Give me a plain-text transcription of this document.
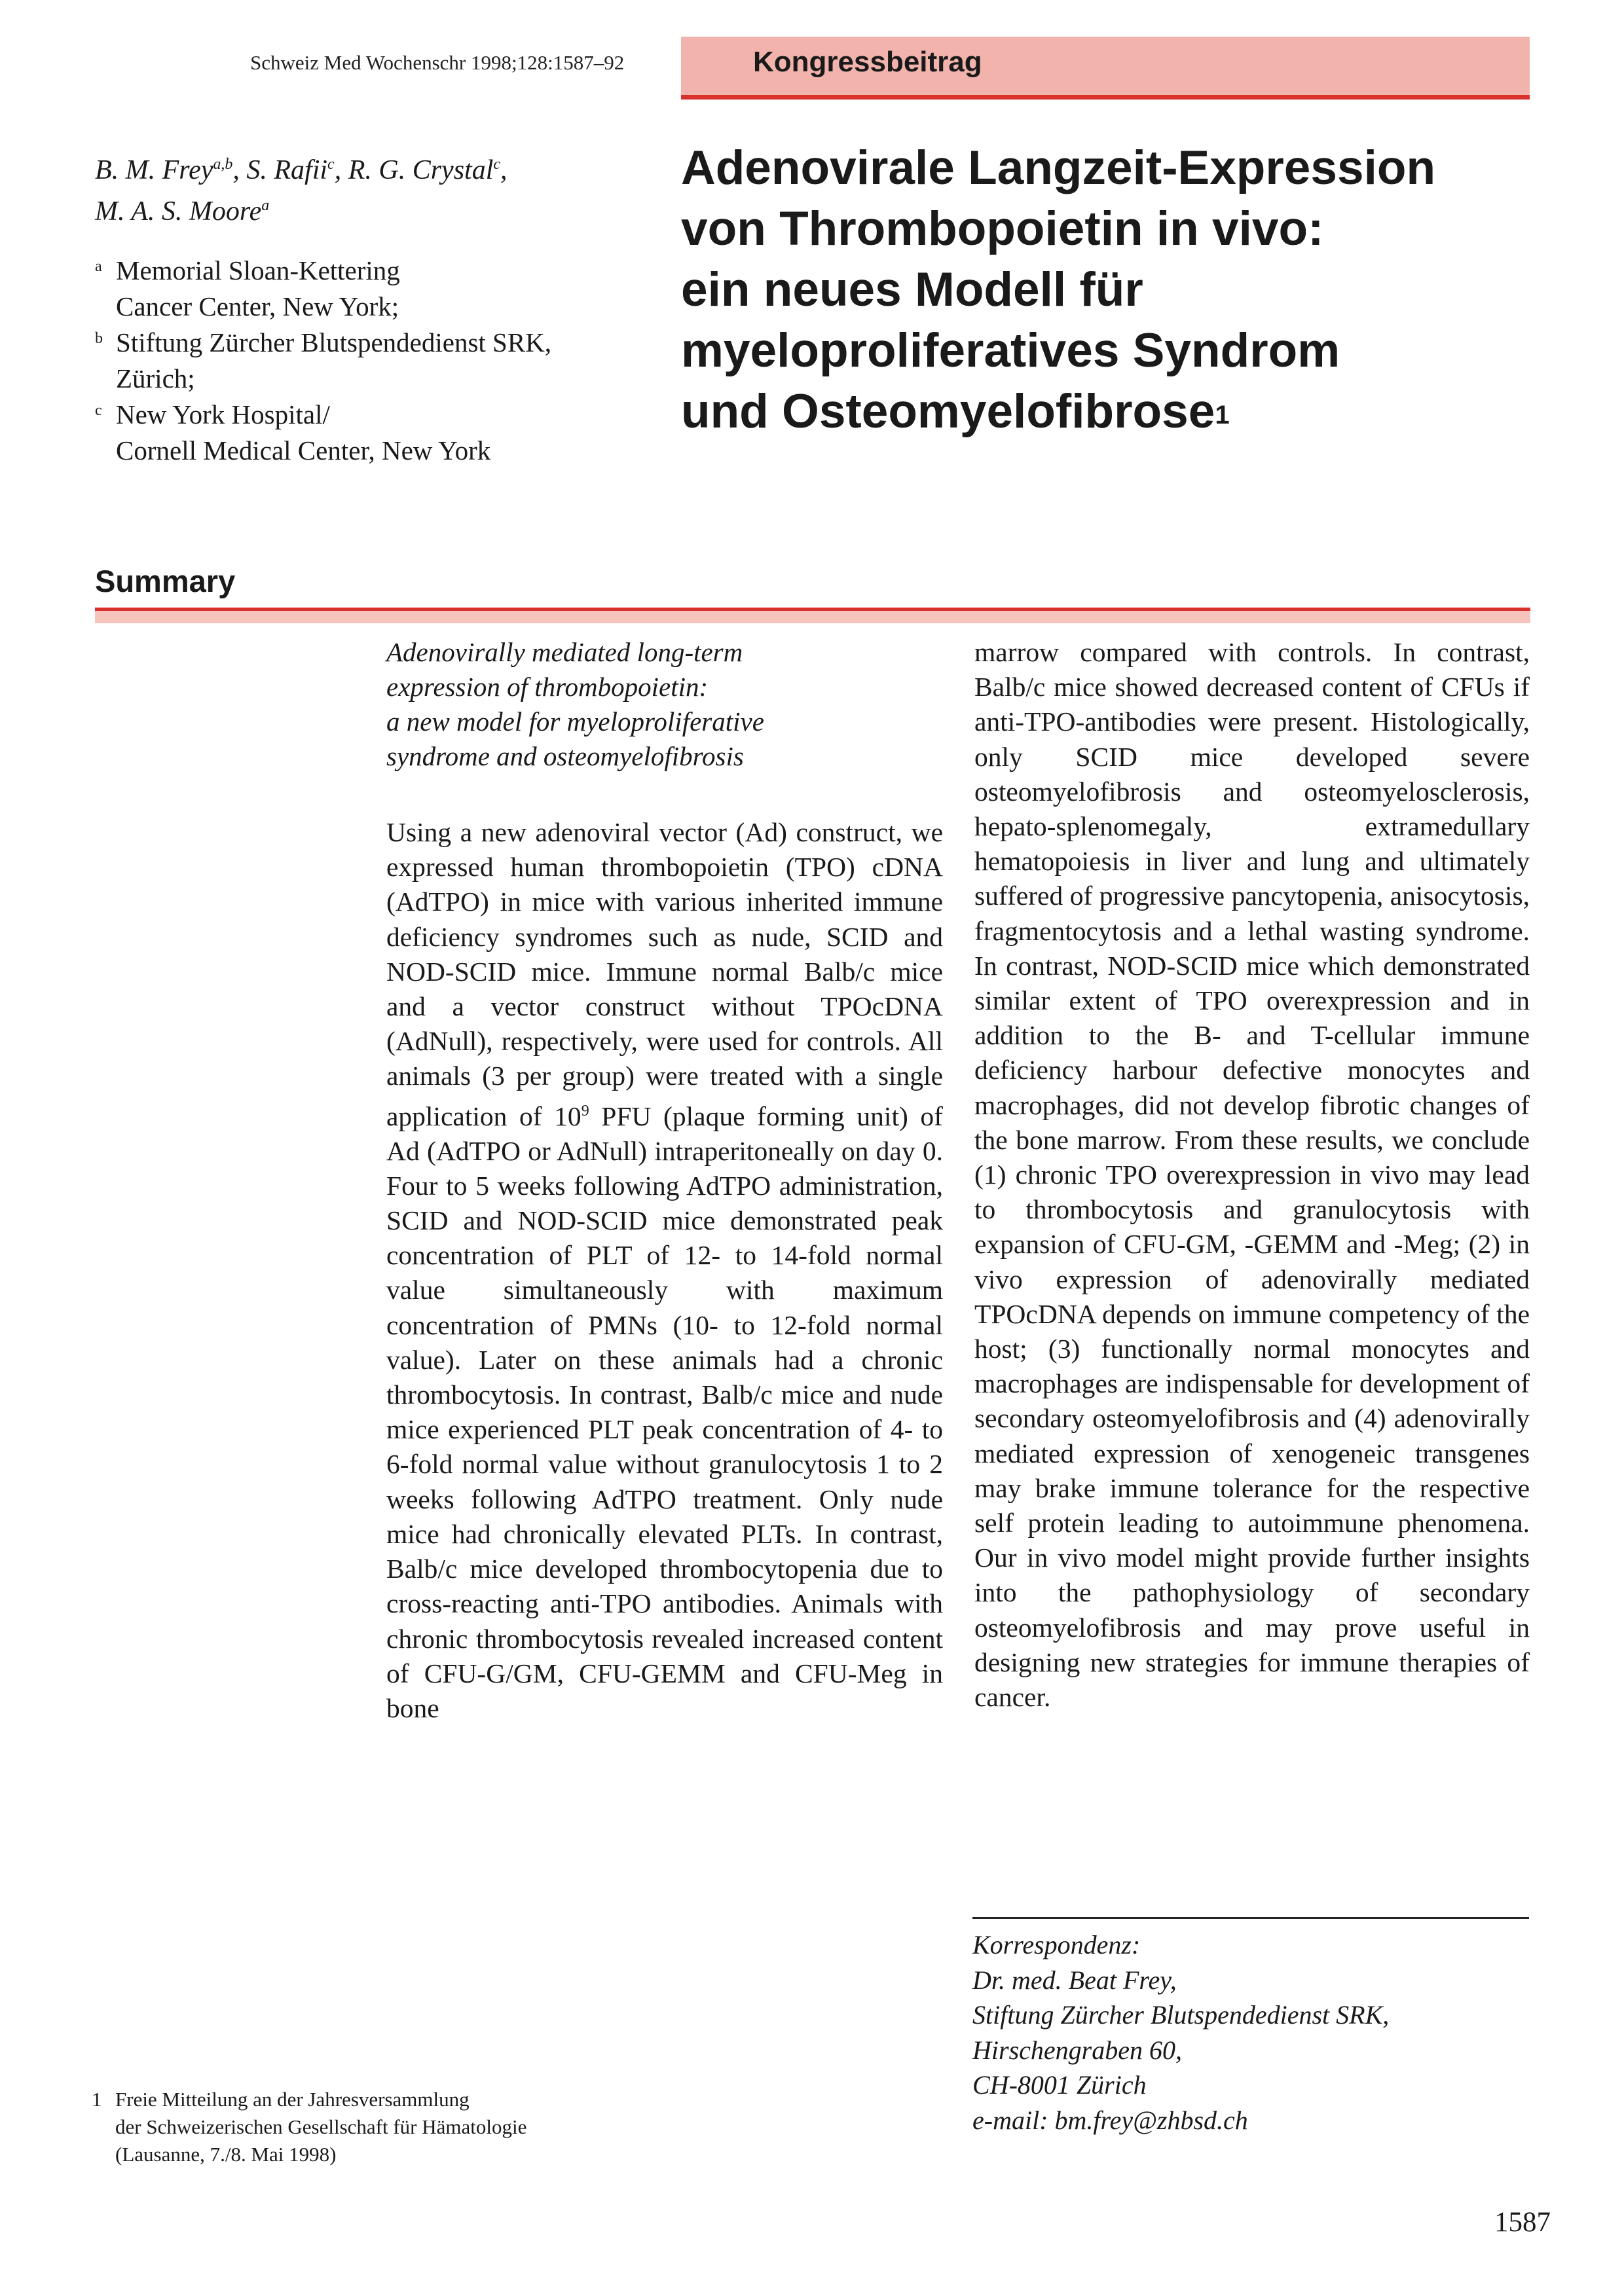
Schweiz Med Wochenschr 1998;128:1587–92	Kongressbeitrag
B. M. Frey$^{a,b}$, S. Rafii$^c$, R. G. Crystal$^c$,
M. A. S. Moore$^a$
a Memorial Sloan-Kettering
Cancer Center, New York;
b Stiftung Zürcher Blutspendedienst SRK,
Zürich;
c New York Hospital/
Cornell Medical Center, New York
Adenovirale Langzeit-Expression
von Thrombopoietin in vivo:
ein neues Modell für
myeloproliferatives Syndrom
und Osteomyelofibrose$^1$
Summary
Adenovirally mediated long-term
expression of thrombopoietin:
a new model for myeloproliferative
syndrome and osteomyelofibrosis
Using a new adenoviral vector (Ad) construct, we expressed human thrombopoietin (TPO) cDNA (AdTPO) in mice with various inherited immune deficiency syndromes such as nude, SCID and NOD-SCID mice. Immune normal Balb/c mice and a vector construct without TPOcDNA (AdNull), respectively, were used for controls. All animals (3 per group) were treated with a single application of $10^9$ PFU (plaque forming unit) of Ad (AdTPO or AdNull) intraperitoneally on day 0. Four to 5 weeks following AdTPO administration, SCID and NOD-SCID mice demonstrated peak concentration of PLT of 12- to 14-fold normal value simultaneously with maximum concentration of PMNs (10- to 12-fold normal value). Later on these animals had a chronic thrombocytosis. In contrast, Balb/c mice and nude mice experienced PLT peak concentration of 4- to 6-fold normal value without granulocytosis 1 to 2 weeks following AdTPO treatment. Only nude mice had chronically elevated PLTs. In contrast, Balb/c mice developed thrombocytopenia due to cross-reacting anti-TPO antibodies. Animals with chronic thrombocytosis revealed increased content of CFU-G/GM, CFU-GEMM and CFU-Meg in bone
marrow compared with controls. In contrast, Balb/c mice showed decreased content of CFUs if anti-TPO-antibodies were present. Histologically, only SCID mice developed severe osteomyelofibrosis and osteomyelosclerosis, hepato-splenomegaly, extramedullary hematopoiesis in liver and lung and ultimately suffered of progressive pancytopenia, anisocytosis, fragmentocytosis and a lethal wasting syndrome. In contrast, NOD-SCID mice which demonstrated similar extent of TPO overexpression and in addition to the B- and T-cellular immune deficiency harbour defective monocytes and macrophages, did not develop fibrotic changes of the bone marrow. From these results, we conclude (1) chronic TPO overexpression in vivo may lead to thrombocytosis and granulocytosis with expansion of CFU-GM, -GEMM and -Meg; (2) in vivo expression of adenovirally mediated TPOcDNA depends on immune competency of the host; (3) functionally normal monocytes and macrophages are indispensable for development of secondary osteomyelofibrosis and (4) adenovirally mediated expression of xenogeneic transgenes may brake immune tolerance for the respective self protein leading to autoimmune phenomena. Our in vivo model might provide further insights into the pathophysiology of secondary osteomyelofibrosis and may prove useful in designing new strategies for immune therapies of cancer.
Korrespondenz:
Dr. med. Beat Frey,
Stiftung Zürcher Blutspendedienst SRK,
Hirschengraben 60,
CH-8001 Zürich
e-mail: bm.frey@zhbsd.ch
1 Freie Mitteilung an der Jahresversammlung
der Schweizerischen Gesellschaft für Hämatologie
(Lausanne, 7./8. Mai 1998)
1587
